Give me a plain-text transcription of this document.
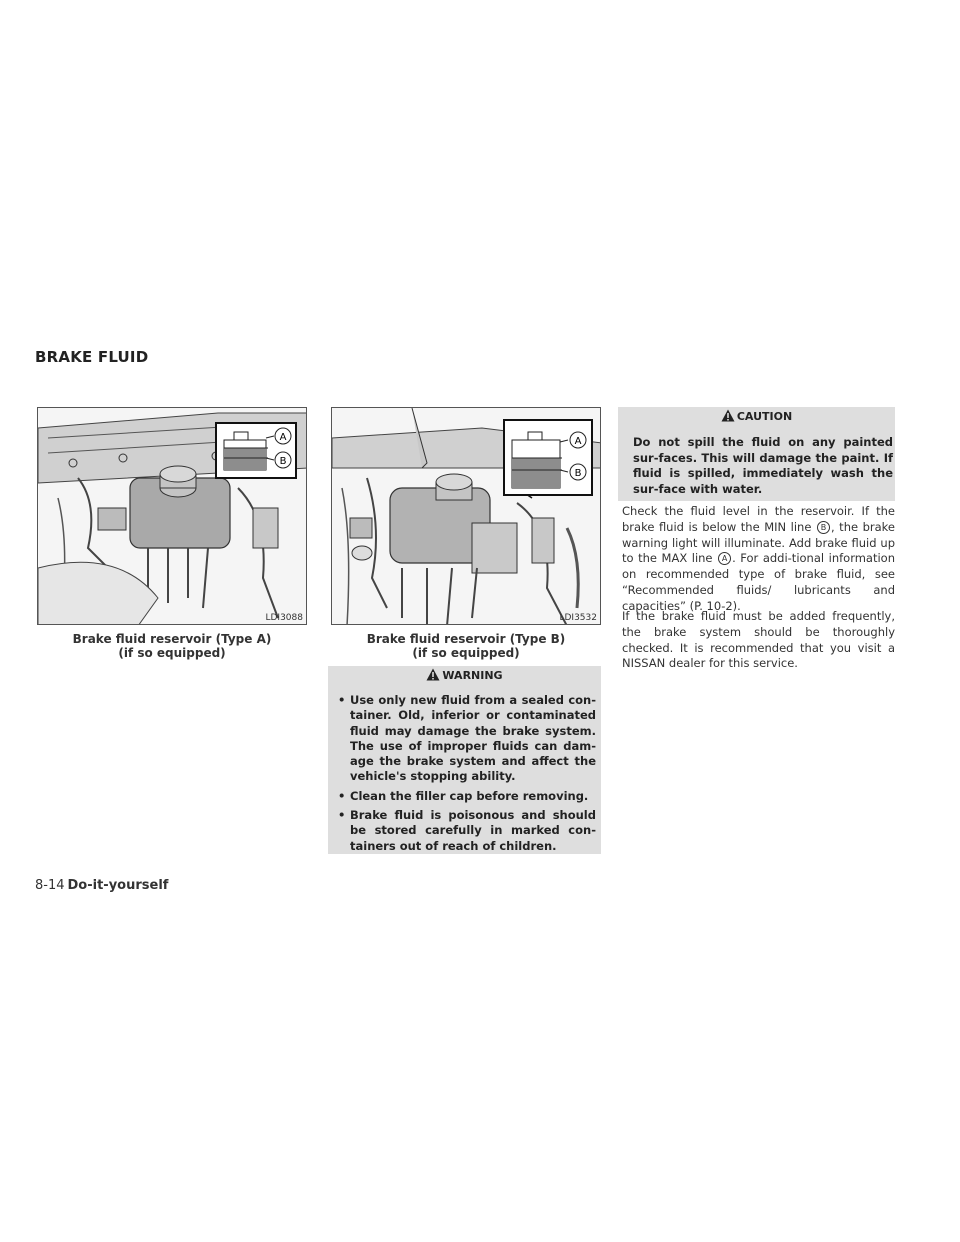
BRAKE FLUID
A
B
LDI3088
Brake fluid reservoir (Type A)
(if so equipped)
A
B
LDI3532
Brake fluid reservoir (Type B)
(if so equipped)
WARNING
• Use only new fluid from a sealed con-tainer. Old, inferior or contaminated fluid may damage the brake system. The use of improper fluids can dam-age the brake system and affect the vehicle's stopping ability.
• Clean the filler cap before removing.
• Brake fluid is poisonous and should be stored carefully in marked con-tainers out of reach of children.
CAUTION
Do not spill the fluid on any painted sur-faces. This will damage the paint. If fluid is spilled, immediately wash the sur-face with water.
Check the fluid level in the reservoir. If the brake fluid is below the MIN line B , the brake warning light will illuminate. Add brake fluid up to the MAX line A . For addi-tional information on recommended type of brake fluid, see “Recommended fluids/ lubricants and capacities” (P. 10-2).
If the brake fluid must be added frequently, the brake system should be thoroughly checked. It is recommended that you visit a NISSAN dealer for this service.
8-14 Do-it-yourself
